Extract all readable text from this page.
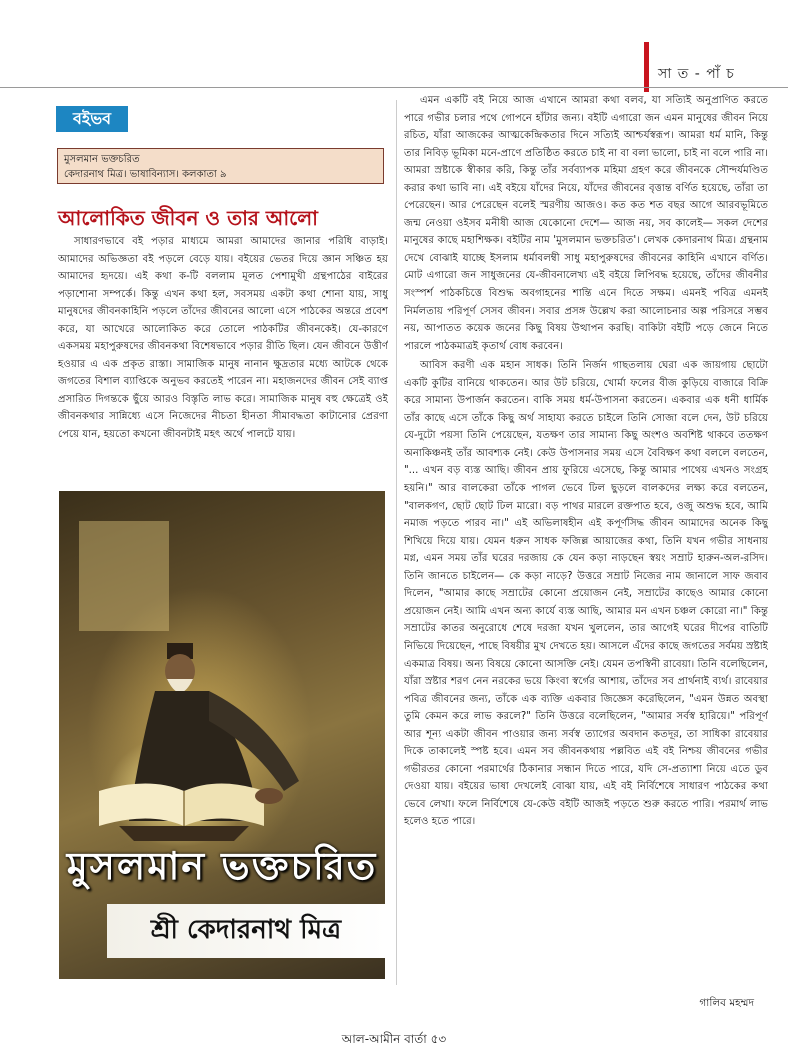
সা ত - পাঁ চ
বইভব
মুসলমান ভক্তচরিত
কেদারনাথ মিত্র। ভাষাবিন্যাস। কলকাতা ৯
আলোকিত জীবন ও তার আলো

সাধারণভাবে বই পড়ার মাধ্যমে আমরা আমাদের জানার পরিধি বাড়াই। আমাদের অভিজ্ঞতা বই পড়লে বেড়ে যায়। বইয়ের ভেতর দিয়ে জ্ঞান সঞ্চিত হয় আমাদের হৃদয়ে। এই কথা ক-টি বললাম মূলত পেশামুখী গ্রন্থপাঠের বাইরের পড়াশোনা সম্পর্কে। কিন্তু এখন কথা হল, সবসময় একটা কথা শোনা যায়, সাধু মানুষদের জীবনকাহিনি পড়লে তাঁদের জীবনের আলো এসে পাঠকের অন্তরে প্রবেশ করে, যা আখেরে আলোকিত করে তোলে পাঠকটির জীবনকেই। যে-কারণে একসময় মহাপুরুষদের জীবনকথা বিশেষভাবে পড়ার রীতি ছিল। যেন জীবনে উত্তীর্ণ হওয়ার এ এক প্রকৃত রাস্তা। সামাজিক মানুষ নানান ক্ষুদ্রতার মধ্যে আটকে থেকে জগতের বিশাল ব্যাপ্তিকে অনুভব করতেই পারেন না। মহাজনদের জীবন সেই ব্যাপ্ত প্রসারিত দিগন্তকে ছুঁয়ে আরও বিস্তৃতি লাভ করে। সামাজিক মানুষ বহু ক্ষেত্রেই ওই জীবনকথার সান্নিধ্যে এসে নিজেদের নীচতা হীনতা সীমাবদ্ধতা কাটানোর প্রেরণা পেয়ে যান, হয়তো কখনো জীবনটাই মহৎ অর্থে পালটে যায়।

এমন একটি বই নিয়ে আজ এখানে আমরা কথা বলব, যা সত্যিই অনুপ্রাণিত করতে পারে গভীর চলার পথে গোপনে হাঁটার জন্য। বইটি এগারো জন এমন মানুষের জীবন নিয়ে রচিত, যাঁরা আজকের আত্মকেন্দ্রিকতার দিনে সত্যিই আশ্চর্যস্বরূপ। আমরা ধর্ম মানি, কিন্তু তার নিবিড় ভূমিকা মনে-প্রাণে প্রতিষ্ঠিত করতে চাই না বা বলা ভালো, চাই না বলে পারি না। আমরা স্রষ্টাকে স্বীকার করি, কিন্তু তাঁর সর্বব্যাপক মহিমা গ্রহণ করে জীবনকে সৌন্দর্যমণ্ডিত করার কথা ভাবি না। এই বইয়ে যাঁদের নিয়ে, যাঁদের জীবনের বৃত্তান্ত বর্ণিত হয়েছে, তাঁরা তা পেরেছেন। আর পেরেছেন বলেই স্মরণীয় আজও। কত কত শত বছর আগে আরবভূমিতে জন্ম নেওয়া ওইসব মনীষী আজ যেকোনো দেশে— আজ নয়, সব কালেই— সকল দেশের মানুষের কাছে মহাশিক্ষক। বইটির নাম 'মুসলমান ভক্তচরিত'। লেখক কেদারনাথ মিত্র। গ্রন্থনাম দেখে বোঝাই যাচ্ছে ইসলাম ধর্মাবলম্বী সাধু মহাপুরুষদের জীবনের কাহিনি এখানে বর্ণিত। মোট এগারো জন সাধুজনের যে-জীবনালেখ্য এই বইয়ে লিপিবদ্ধ হয়েছে, তাঁদের জীবনীর সংস্পর্শ পাঠকচিত্তে বিশুদ্ধ অবগাহনের শান্তি এনে দিতে সক্ষম। এমনই পবিত্র এমনই নির্মলতায় পরিপূর্ণ সেসব জীবন। সবার প্রসঙ্গ উল্লেখ করা আলোচনার অল্প পরিসরে সম্ভব নয়, আপাতত কয়েক জনের কিছু বিষয় উত্থাপন করছি। বাকিটা বইটি পড়ে জেনে নিতে পারলে পাঠকমাত্রই কৃতার্থ বোধ করবেন।

আবিস করণী এক মহান সাধক। তিনি নির্জন গাছতলায় ঘেরা এক জায়গায় ছোটো একটি কুটির বানিয়ে থাকতেন। আর উট চরিয়ে, খোর্মা ফলের বীজ কুড়িয়ে বাজারে বিক্রি করে সামান্য উপার্জন করতেন। বাকি সময় ধর্ম-উপাসনা করতেন। একবার এক ধনী ধার্মিক তাঁর কাছে এসে তাঁকে কিছু অর্থ সাহায্য করতে চাইলে তিনি সোজা বলে দেন, উট চরিয়ে যে-দুটো পয়সা তিনি পেয়েছেন, যতক্ষণ তার সামান্য কিছু অংশও অবশিষ্ট থাকবে ততক্ষণ অনাকিঞ্চনই তাঁর আবশ্যক নেই। কেউ উপাসনার সময় এসে বৈবিক্ষণ কথা বললে বলতেন, "... এখন বড় ব্যস্ত আছি। জীবন প্রায় ফুরিয়ে এসেছে, কিন্তু আমার পাথেয় এখনও সংগ্রহ হয়নি।" আর বালকেরা তাঁকে পাগল ভেবে ঢিল ছুড়লে বালকদের লক্ষ্য করে বলতেন, "বালকগণ, ছোট ছোট ঢিল মারো। বড় পাথর মারলে রক্তপাত হবে, ওজু অশুদ্ধ হবে, আমি নমাজ পড়তে পারব না।" এই অভিলাষহীন এই কপূর্ণসিদ্ধ জীবন আমাদের অনেক কিছু শিখিয়ে দিয়ে যায়। যেমন ধরুন সাধক ফজিল্ল আয়াজের কথা, তিনি যখন গভীর সাধনায় মগ্ন, এমন সময় তাঁর ঘরের দরজায় কে যেন কড়া নাড়ছেন স্বয়ং সম্রাট হারুন-অল-রসিদ। তিনি জানতে চাইলেন— কে কড়া নাড়ে? উত্তরে সম্রাট নিজের নাম জানালে সাফ জবাব দিলেন, "আমার কাছে সম্রাটের কোনো প্রয়োজন নেই, সম্রাটের কাছেও আমার কোনো প্রয়োজন নেই। আমি এখন অন্য কার্যে ব্যস্ত আছি, আমার মন এখন চঞ্চল কোরো না।" কিন্তু সম্রাটের কাতর অনুরোধে শেষে দরজা যখন খুললেন, তার আগেই ঘরের দীপের বাতিটি নিভিয়ে দিয়েছেন, পাছে বিষয়ীর মুখ দেখতে হয়। আসলে এঁদের কাছে জগতের সর্বময় স্রষ্টাই একমাত্র বিষয়। অন্য বিষয়ে কোনো আসক্তি নেই। যেমন তপস্বিনী রাবেয়া। তিনি বলেছিলেন, যাঁরা স্রষ্টার শরণ নেন নরকের ভয়ে কিংবা স্বর্গের আশায়, তাঁদের সব প্রার্থনাই ব্যর্থ। রাবেয়ার পবিত্র জীবনের জন্য, তাঁকে এক ব্যক্তি একবার জিজ্ঞেস করেছিলেন, "এমন উন্নত অবস্থা তুমি কেমন করে লাভ করলে?" তিনি উত্তরে বলেছিলেন, "আমার সর্বস্ব হারিয়ে।" পরিপূর্ণ আর শূন্য একটা জীবন পাওয়ার জন্য সর্বস্ব ত্যাগের অবদান কতদূর, তা সাধিকা রাবেয়ার দিকে তাকালেই স্পষ্ট হবে। এমন সব জীবনকথায় পল্লবিত এই বই নিশ্চয় জীবনের গভীর গভীরতর কোনো পরমার্থের ঠিকানার সন্ধান দিতে পারে, যদি সে-প্রত্যাশা নিয়ে এতে ডুব দেওয়া যায়। বইয়ের ভাষা দেখলেই বোঝা যায়, এই বই নির্বিশেষে সাধারণ পাঠকের কথা ভেবে লেখা। ফলে নির্বিশেষে যে-কেউ বইটি আজই পড়তে শুরু করতে পারি। পরমার্থ লাভ হলেও হতে পারে।

মুসলমান ভক্তচরিত
শ্রী কেদারনাথ মিত্র
গালিব মহম্মদ
আল-আমীন বার্তা ৫৩
